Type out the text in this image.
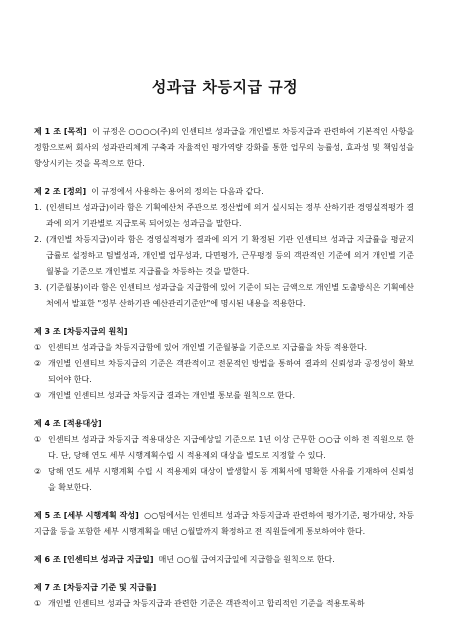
성과급 차등지급 규정
제 1 조 [목적] 이 규정은 ○○○○(주)의 인센티브 성과급을 개인별로 차등지급과 관련하여 기본적인 사항을 정함으로써 회사의 성과관리체계 구축과 자율적인 평가역량 강화를 통한 업무의 능률성, 효과성 및 책임성을 향상시키는 것을 목적으로 한다.
제 2 조 [정의] 이 규정에서 사용하는 용어의 정의는 다음과 같다.
1. (인센티브 성과급)이라 함은 기획예산처 주관으로 정산법에 의거 실시되는 정부 산하기관 경영실적평가 결과에 의거 기관별로 지급토록 되어있는 성과금을 말한다.
2. (개인별 차등지급)이라 함은 경영실적평가 결과에 의거 기 확정된 기관 인센티브 성과급 지급률을 평균지급률로 설정하고 팀별성과, 개인별 업무성과, 다면평가, 근무평정 등의 객관적인 기준에 의거 개인별 기준월봉을 기준으로 개인별로 지급률을 차등하는 것을 말한다.
3. (기준월봉)이라 함은 인센티브 성과급을 지급함에 있어 기준이 되는 금액으로 개인별 도출방식은 기획예산처에서 발표한 "정부 산하기관 예산관리기준안"에 명시된 내용을 적용한다.
제 3 조 [차등지급의 원칙]
① 인센티브 성과급을 차등지급함에 있어 개인별 기준월봉을 기준으로 지급률을 차등 적용한다.
② 개인별 인센티브 차등지급의 기준은 객관적이고 전문적인 방법을 통하여 결과의 신뢰성과 공정성이 확보되어야 한다.
③ 개인별 인센티브 성과급 차등지급 결과는 개인별 통보를 원칙으로 한다.
제 4 조 [적용대상]
① 인센티브 성과급 차등지급 적용대상은 지급예상일 기준으로 1년 이상 근무한 ○○급 이하 전 직원으로 한다. 단, 당해 연도 세부 시행계획수립 시 적용제외 대상을 별도로 지정할 수 있다.
② 당해 연도 세부 시행계획 수립 시 적용제외 대상이 발생할시 동 계획서에 명확한 사유를 기재하여 신뢰성을 확보한다.
제 5 조 [세부 시행계획 작성] ○○팀에서는 인센티브 성과급 차등지급과 관련하여 평가기준, 평가대상, 차등지급율 등을 포함한 세부 시행계획을 매년 ○월말까지 확정하고 전 직원들에게 통보하여야 한다.
제 6 조 [인센티브 성과급 지급일] 매년 ○○월 급여지급일에 지급함을 원칙으로 한다.
제 7 조 [차등지급 기준 및 지급률]
① 개인별 인센티브 성과급 차등지급과 관련한 기준은 객관적이고 합리적인 기준을 적용토록하
